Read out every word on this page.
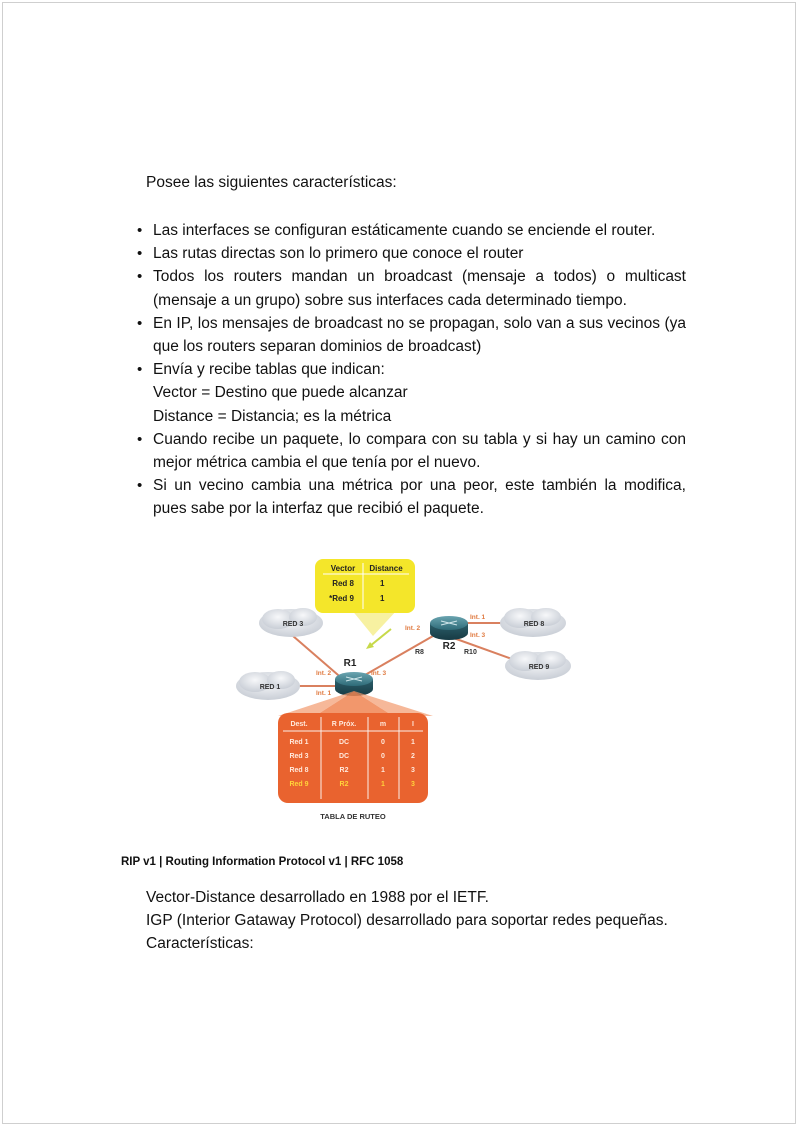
Posee las siguientes características:
• Las interfaces se configuran estáticamente cuando se enciende el router.
• Las rutas directas son lo primero que conoce el router
• Todos los routers mandan un broadcast (mensaje a todos) o multicast (mensaje a un grupo) sobre sus interfaces cada determinado tiempo.
• En IP, los mensajes de broadcast no se propagan, solo van a sus vecinos (ya que los routers separan dominios de broadcast)
• Envía y recibe tablas que indican:
Vector = Destino que puede alcanzar
Distance = Distancia; es la métrica
• Cuando recibe un paquete, lo compara con su tabla y si hay un camino con mejor métrica cambia el que tenía por el nuevo.
• Si un vecino cambia una métrica por una peor, este también la modifica, pues sabe por la interfaz que recibió el paquete.
Vector Distance
Red 8	1
*Red 9	1
RED 3
RED 1
RED 8
RED 9
R1
R2
Int. 2	Int. 3
Int. 1
Int. 2
Int. 1
Int. 3
R8	R10
Dest.	R Próx.	m	I
Red 1	DC	0	1
Red 3	DC	0	2
Red 8	R2	1	3
Red 9	R2	1	3
TABLA DE RUTEO
RIP v1 | Routing Information Protocol v1 | RFC 1058
Vector-Distance desarrollado en 1988 por el IETF.
IGP (Interior Gataway Protocol) desarrollado para soportar redes pequeñas.
Características:
